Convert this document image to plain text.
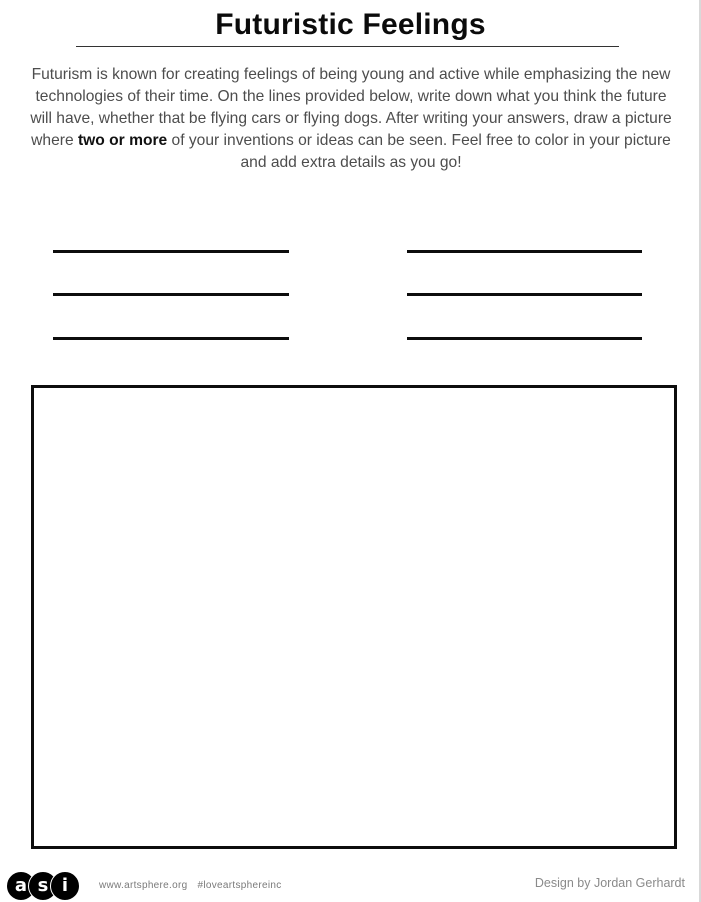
Futuristic Feelings

Futurism is known for creating feelings of being young and active while emphasizing the new technologies of their time. On the lines provided below, write down what you think the future will have, whether that be flying cars or flying dogs. After writing your answers, draw a picture where two or more of your inventions or ideas can be seen. Feel free to color in your picture and add extra details as you go!

a s i	www.artsphere.org #loveartsphereinc	Design by Jordan Gerhardt
